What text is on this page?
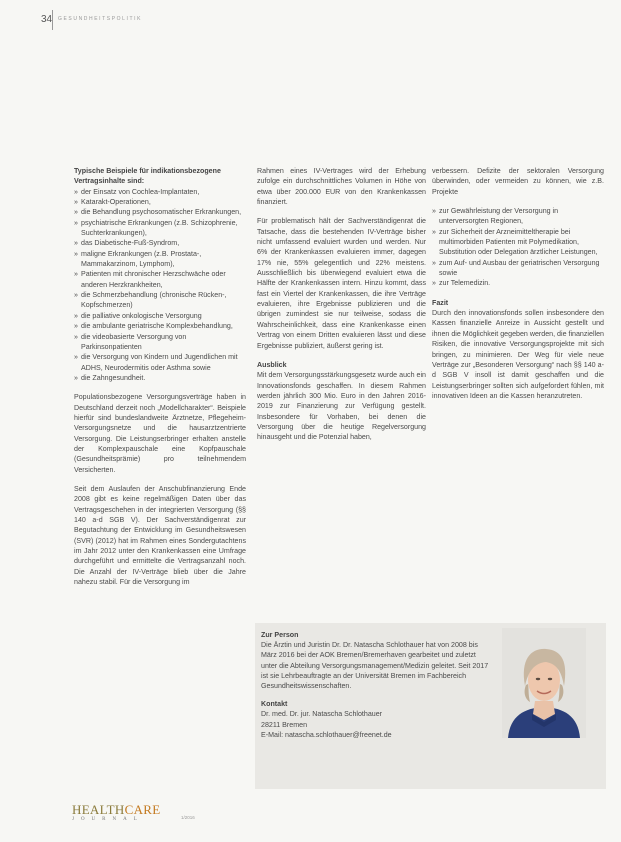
34 GESUNDHEITSPOLITIK

Typische Beispiele für indikationsbezogene Vertragsinhalte sind:

» der Einsatz von Cochlea-Implantaten,
» Katarakt-Operationen,
» die Behandlung psychosomatischer Erkrankungen,
» psychiatrische Erkrankungen (z.B. Schizophrenie, Suchterkrankungen),
» das Diabetische-Fuß-Syndrom,
» maligne Erkrankungen (z.B. Prostata-, Mammakarzinom, Lymphom),
» Patienten mit chronischer Herzschwäche oder anderen Herzkrankheiten,
» die Schmerzbehandlung (chronische Rücken-, Kopfschmerzen)
» die palliative onkologische Versorgung
» die ambulante geriatrische Komplexbehandlung,
» die videobasierte Versorgung von Parkinsonpatienten
» die Versorgung von Kindern und Jugendlichen mit ADHS, Neurodermitis oder Asthma sowie
» die Zahngesundheit.

Populationsbezogene Versorgungsverträge haben in Deutschland derzeit noch „Modellcharakter“. Beispiele hierfür sind bundeslandweite Ärztnetze, Pflegeheim-Versorgungsnetze und die hausarztzentrierte Versorgung. Die Leistungserbringer erhalten anstelle der Komplexpauschale eine Kopfpauschale (Gesundheitsprämie) pro teilnehmendem Versicherten.

Seit dem Auslaufen der Anschubfinanzierung Ende 2008 gibt es keine regelmäßigen Daten über das Vertragsgeschehen in der integrierten Versorgung (§§ 140 a-d SGB V). Der Sachverständigenrat zur Begutachtung der Entwicklung im Gesundheitswesen (SVR) (2012) hat im Rahmen eines Sondergutachtens im Jahr 2012 unter den Krankenkassen eine Umfrage durchgeführt und ermittelte die Vertragsanzahl noch. Die Anzahl der IV-Verträge blieb über die Jahre nahezu stabil. Für die Versorgung im

Rahmen eines IV-Vertrages wird der Erhebung zufolge ein durchschnittliches Volumen in Höhe von etwa über 200.000 EUR von den Krankenkassen finanziert.

Für problematisch hält der Sachverständigenrat die Tatsache, dass die bestehenden IV-Verträge bisher nicht umfassend evaluiert wurden und werden. Nur 6% der Krankenkassen evaluieren immer, dagegen 17% nie, 55% gelegentlich und 22% meistens. Ausschließlich bis überwiegend evaluiert etwa die Hälfte der Krankenkassen intern. Hinzu kommt, dass fast ein Viertel der Krankenkassen, die ihre Verträge evaluieren, ihre Ergebnisse publizieren und die übrigen zumindest sie nur teilweise, sodass die Wahrscheinlichkeit, dass eine Krankenkasse einen Vertrag von einem Dritten evaluieren lässt und diese Ergebnisse publiziert, äußerst gering ist.

Ausblick

Mit dem Versorgungsstärkungsgesetz wurde auch ein Innovationsfonds geschaffen. In diesem Rahmen werden jährlich 300 Mio. Euro in den Jahren 2016-2019 zur Finanzierung zur Verfügung gestellt. Insbesondere für Vorhaben, bei denen die Versorgung über die heutige Regelversorgung hinausgeht und die Potenzial haben,

verbessern. Defizite der sektoralen Versorgung überwinden, oder vermeiden zu können, wie z.B. Projekte

» zur Gewährleistung der Versorgung in unterversorgten Regionen,
» zur Sicherheit der Arzneimitteltherapie bei multimorbiden Patienten mit Polymedikation, Substitution oder Delegation ärztlicher Leistungen,
» zum Auf- und Ausbau der geriatrischen Versorgung sowie
» zur Telemedizin.

Fazit

Durch den innovationsfonds sollen insbesondere den Kassen finanzielle Anreize in Aussicht gestellt und ihnen die Möglichkeit gegeben werden, die finanziellen Risiken, die innovative Versorgungsprojekte mit sich bringen, zu minimieren. Der Weg für viele neue Verträge zur „Besonderen Versorgung“ nach §§ 140 a-d SGB V insoll ist damit geschaffen und die Leistungserbringer sollten sich aufgefordert fühlen, mit innovativen Ideen an die Kassen heranzutreten.

Zur Person

Die Ärztin und Juristin Dr. Dr. Natascha Schlothauer hat von 2008 bis März 2016 bei der AOK Bremen/Bremerhaven gearbeitet und zuletzt unter die Abteilung Versorgungsmanagement/Medizin geleitet. Seit 2017 ist sie Lehrbeauftragte an der Universität Bremen im Fachbereich Gesundheitswissenschaften.

Kontakt

Dr. med. Dr. jur. Natascha Schlothauer
28211 Bremen
E-Mail: natascha.schlothauer@freenet.de
HEALTHCARE
JOURNAL	1/2016
